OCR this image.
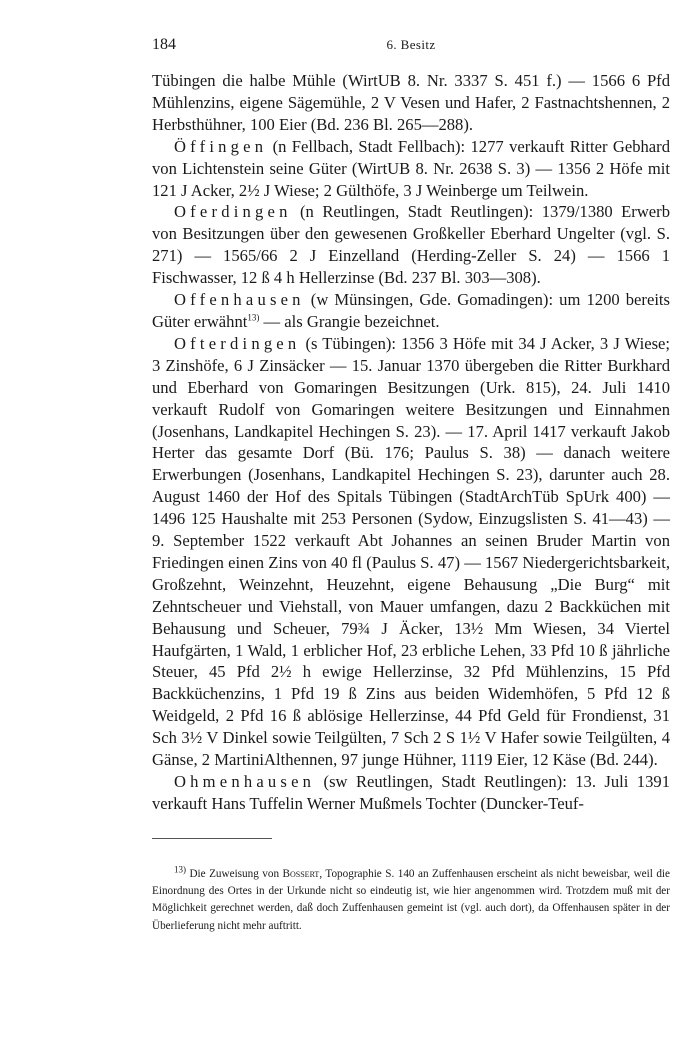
184	6. Besitz

Tübingen die halbe Mühle (WirtUB 8. Nr. 3337 S. 451 f.) — 1566 6 Pfd Mühlenzins, eigene Sägemühle, 2 V Vesen und Hafer, 2 Fastnachtshennen, 2 Herbsthühner, 100 Eier (Bd. 236 Bl. 265—288).

Öffingen (n Fellbach, Stadt Fellbach): 1277 verkauft Ritter Gebhard von Lichtenstein seine Güter (WirtUB 8. Nr. 2638 S. 3) — 1356 2 Höfe mit 121 J Acker, 2½ J Wiese; 2 Gülthöfe, 3 J Weinberge um Teilwein.

Oferdingen (n Reutlingen, Stadt Reutlingen): 1379/1380 Erwerb von Besitzungen über den gewesenen Großkeller Eberhard Ungelter (vgl. S. 271) — 1565/66 2 J Einzelland (Herding-Zeller S. 24) — 1566 1 Fischwasser, 12 ß 4 h Hellerzinse (Bd. 237 Bl. 303—308).

Offenhausen (w Münsingen, Gde. Gomadingen): um 1200 bereits Güter erwähnt$^{13)}$ — als Grangie bezeichnet.

Ofterdingen (s Tübingen): 1356 3 Höfe mit 34 J Acker, 3 J Wiese; 3 Zinshöfe, 6 J Zinsäcker — 15. Januar 1370 übergeben die Ritter Burkhard und Eberhard von Gomaringen Besitzungen (Urk. 815), 24. Juli 1410 verkauft Rudolf von Gomaringen weitere Besitzungen und Einnahmen (Josenhans, Landkapitel Hechingen S. 23). — 17. April 1417 verkauft Jakob Herter das gesamte Dorf (Bü. 176; Paulus S. 38) — danach weitere Erwerbungen (Josenhans, Landkapitel Hechingen S. 23), darunter auch 28. August 1460 der Hof des Spitals Tübingen (StadtArchTüb SpUrk 400) — 1496 125 Haushalte mit 253 Personen (Sydow, Einzugslisten S. 41—43) — 9. September 1522 verkauft Abt Johannes an seinen Bruder Martin von Friedingen einen Zins von 40 fl (Paulus S. 47) — 1567 Niedergerichtsbarkeit, Großzehnt, Weinzehnt, Heuzehnt, eigene Behausung „Die Burg“ mit Zehntscheuer und Viehstall, von Mauer umfangen, dazu 2 Backküchen mit Behausung und Scheuer, 79¾ J Äcker, 13½ Mm Wiesen, 34 Viertel Haufgärten, 1 Wald, 1 erblicher Hof, 23 erbliche Lehen, 33 Pfd 10 ß jährliche Steuer, 45 Pfd 2½ h ewige Hellerzinse, 32 Pfd Mühlenzins, 15 Pfd Backküchenzins, 1 Pfd 19 ß Zins aus beiden Widemhöfen, 5 Pfd 12 ß Weidgeld, 2 Pfd 16 ß ablösige Hellerzinse, 44 Pfd Geld für Frondienst, 31 Sch 3½ V Dinkel sowie Teilgülten, 7 Sch 2 S 1½ V Hafer sowie Teilgülten, 4 Gänse, 2 MartiniAlthennen, 97 junge Hühner, 1119 Eier, 12 Käse (Bd. 244).

Ohmenhausen (sw Reutlingen, Stadt Reutlingen): 13. Juli 1391 verkauft Hans Tuffelin Werner Mußmels Tochter (Duncker-Teuf-

$^{13)}$ Die Zuweisung von Bossert, Topographie S. 140 an Zuffenhausen erscheint als nicht beweisbar, weil die Einordnung des Ortes in der Urkunde nicht so eindeutig ist, wie hier angenommen wird. Trotzdem muß mit der Möglichkeit gerechnet werden, daß doch Zuffenhausen gemeint ist (vgl. auch dort), da Offenhausen später in der Überlieferung nicht mehr auftritt.
